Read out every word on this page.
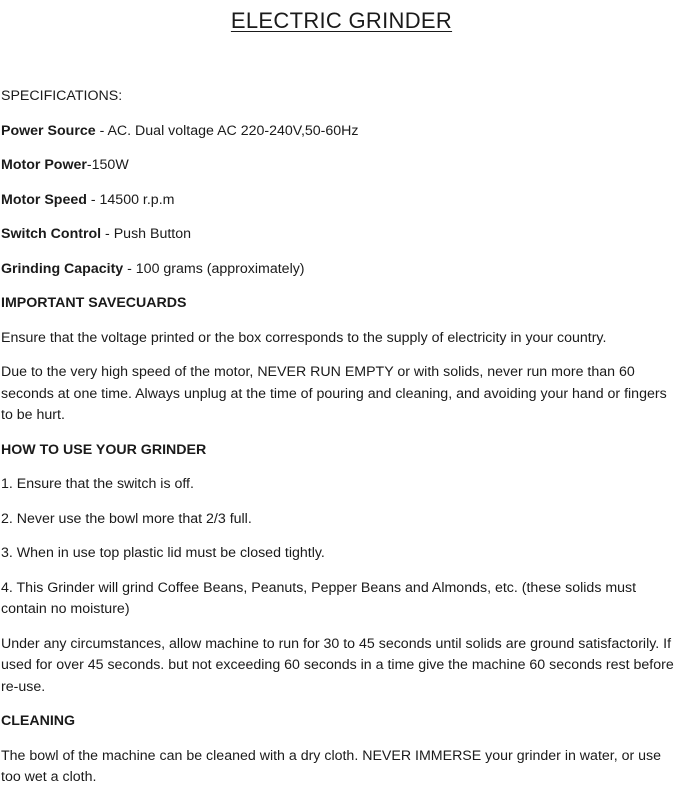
ELECTRIC GRINDER

SPECIFICATIONS:

Power Source - AC. Dual voltage AC 220-240V,50-60Hz

Motor Power-150W

Motor Speed - 14500 r.p.m

Switch Control - Push Button

Grinding Capacity - 100 grams (approximately)

IMPORTANT SAVECUARDS

Ensure that the voltage printed or the box corresponds to the supply of electricity in your country.

Due to the very high speed of the motor, NEVER RUN EMPTY or with solids, never run more than 60 seconds at one time. Always unplug at the time of pouring and cleaning, and avoiding your hand or fingers to be hurt.

HOW TO USE YOUR GRINDER

1. Ensure that the switch is off.

2. Never use the bowl more that 2/3 full.

3. When in use top plastic lid must be closed tightly.

4. This Grinder will grind Coffee Beans, Peanuts, Pepper Beans and Almonds, etc. (these solids must contain no moisture)

Under any circumstances, allow machine to run for 30 to 45 seconds until solids are ground satisfactorily. If used for over 45 seconds. but not exceeding 60 seconds in a time give the machine 60 seconds rest before re-use.

CLEANING

The bowl of the machine can be cleaned with a dry cloth. NEVER IMMERSE your grinder in water, or use too wet a cloth.
